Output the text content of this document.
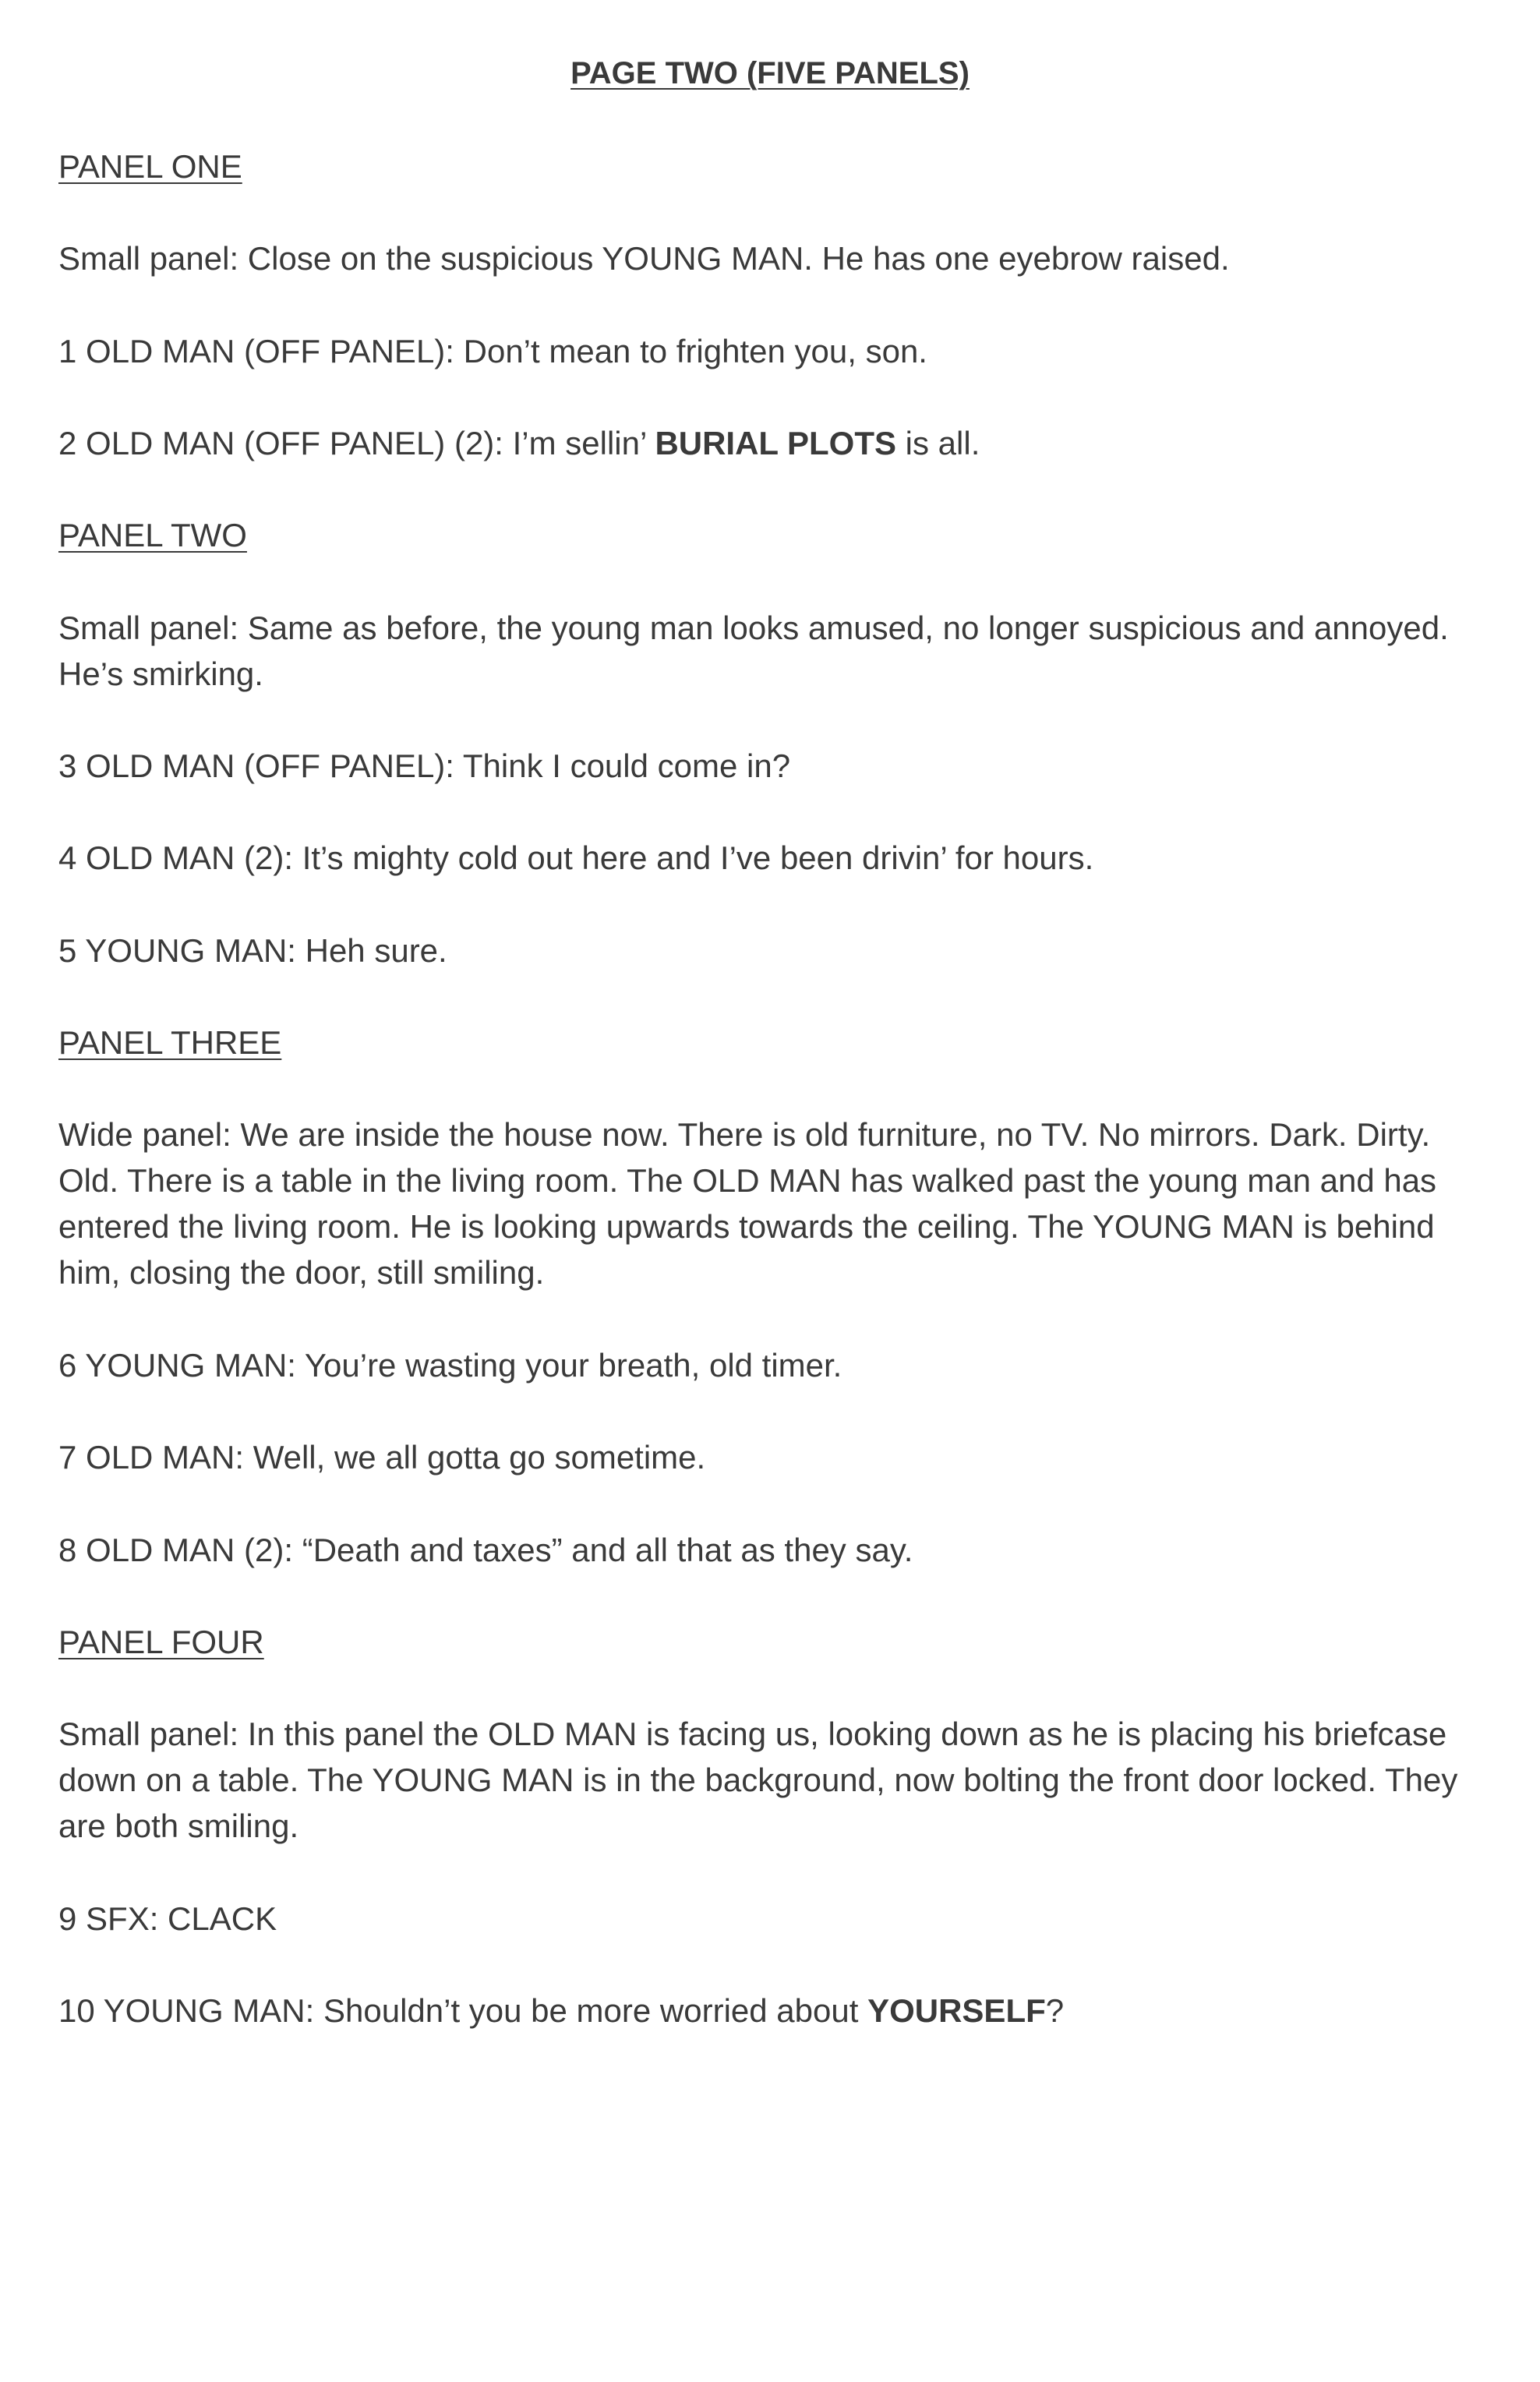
PAGE TWO (FIVE PANELS)
PANEL ONE
Small panel: Close on the suspicious YOUNG MAN. He has one eyebrow raised.
1 OLD MAN (OFF PANEL): Don’t mean to frighten you, son.
2 OLD MAN (OFF PANEL) (2): I’m sellin’ BURIAL PLOTS is all.
PANEL TWO
Small panel: Same as before, the young man looks amused, no longer suspicious and annoyed. He’s smirking.
3 OLD MAN (OFF PANEL): Think I could come in?
4 OLD MAN (2): It’s mighty cold out here and I’ve been drivin’ for hours.
5 YOUNG MAN: Heh sure.
PANEL THREE
Wide panel: We are inside the house now. There is old furniture, no TV. No mirrors. Dark. Dirty. Old. There is a table in the living room. The OLD MAN has walked past the young man and has entered the living room. He is looking upwards towards the ceiling. The YOUNG MAN is behind him, closing the door, still smiling.
6 YOUNG MAN: You’re wasting your breath, old timer.
7 OLD MAN: Well, we all gotta go sometime.
8 OLD MAN (2): “Death and taxes” and all that as they say.
PANEL FOUR
Small panel: In this panel the OLD MAN is facing us, looking down as he is placing his briefcase down on a table. The YOUNG MAN is in the background, now bolting the front door locked. They are both smiling.
9 SFX: CLACK
10 YOUNG MAN: Shouldn’t you be more worried about YOURSELF?
